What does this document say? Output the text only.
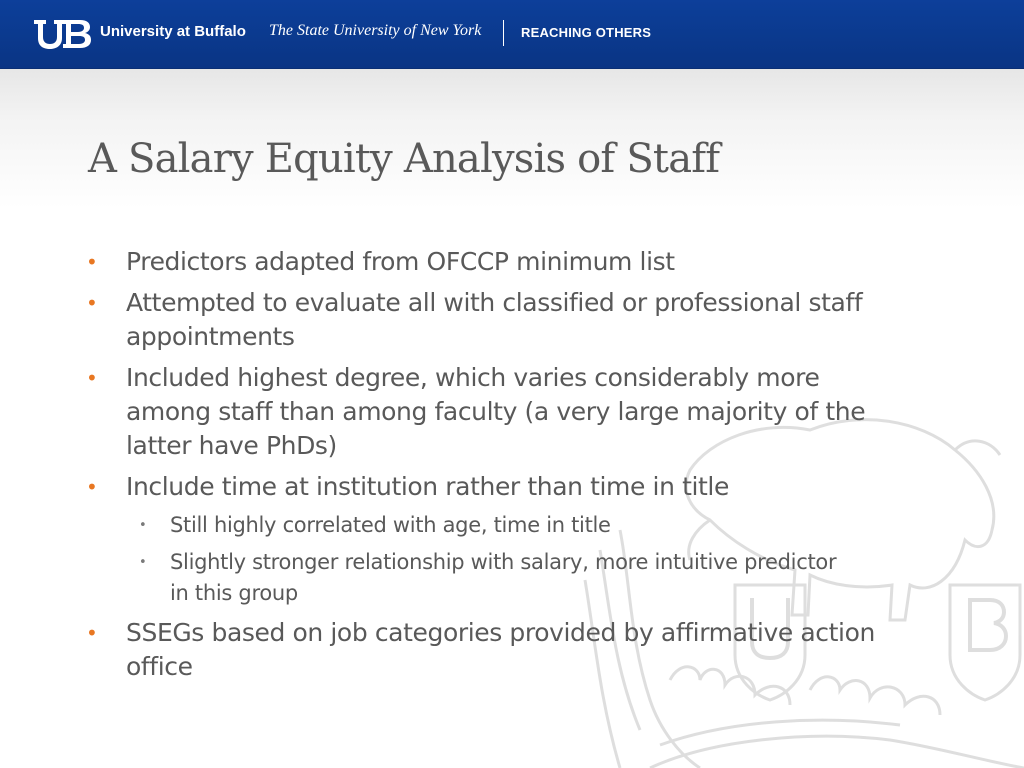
University at Buffalo The State University of New York	REACHING OTHERS
A Salary Equity Analysis of Staff
• Predictors adapted from OFCCP minimum list
• Attempted to evaluate all with classified or professional staff
appointments
• Included highest degree, which varies considerably more
among staff than among faculty (a very large majority of the
latter have PhDs)
• Include time at institution rather than time in title
• Still highly correlated with age, time in title
• Slightly stronger relationship with salary, more intuitive predictor
in this group
• SSEGs based on job categories provided by affirmative action
office
